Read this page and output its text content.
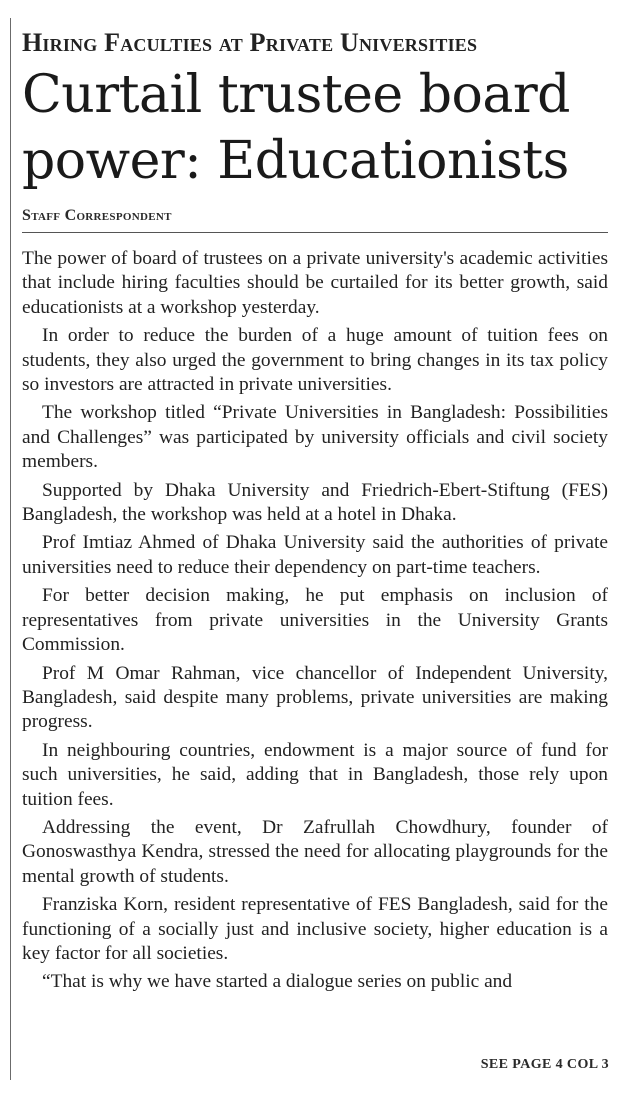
Hiring Faculties at Private Universities
Curtail trustee board power: Educationists
Staff Correspondent

The power of board of trustees on a private university's academic activities that include hiring faculties should be curtailed for its better growth, said educationists at a workshop yesterday.

In order to reduce the burden of a huge amount of tuition fees on students, they also urged the government to bring changes in its tax policy so investors are attracted in private universities.

The workshop titled “Private Universities in Bangladesh: Possibilities and Challenges” was participated by university officials and civil society members.

Supported by Dhaka University and Friedrich-Ebert-Stiftung (FES) Bangladesh, the workshop was held at a hotel in Dhaka.

Prof Imtiaz Ahmed of Dhaka University said the authorities of private universities need to reduce their dependency on part-time teachers.

For better decision making, he put emphasis on inclusion of representatives from private universities in the University Grants Commission.

Prof M Omar Rahman, vice chancellor of Independent University, Bangladesh, said despite many problems, private universities are making progress.

In neighbouring countries, endowment is a major source of fund for such universities, he said, adding that in Bangladesh, those rely upon tuition fees.

Addressing the event, Dr Zafrullah Chowdhury, founder of Gonoswasthya Kendra, stressed the need for allocating playgrounds for the mental growth of students.

Franziska Korn, resident representative of FES Bangladesh, said for the functioning of a socially just and inclusive society, higher education is a key factor for all societies.

“That is why we have started a dialogue series on public and

SEE PAGE 4 COL 3
